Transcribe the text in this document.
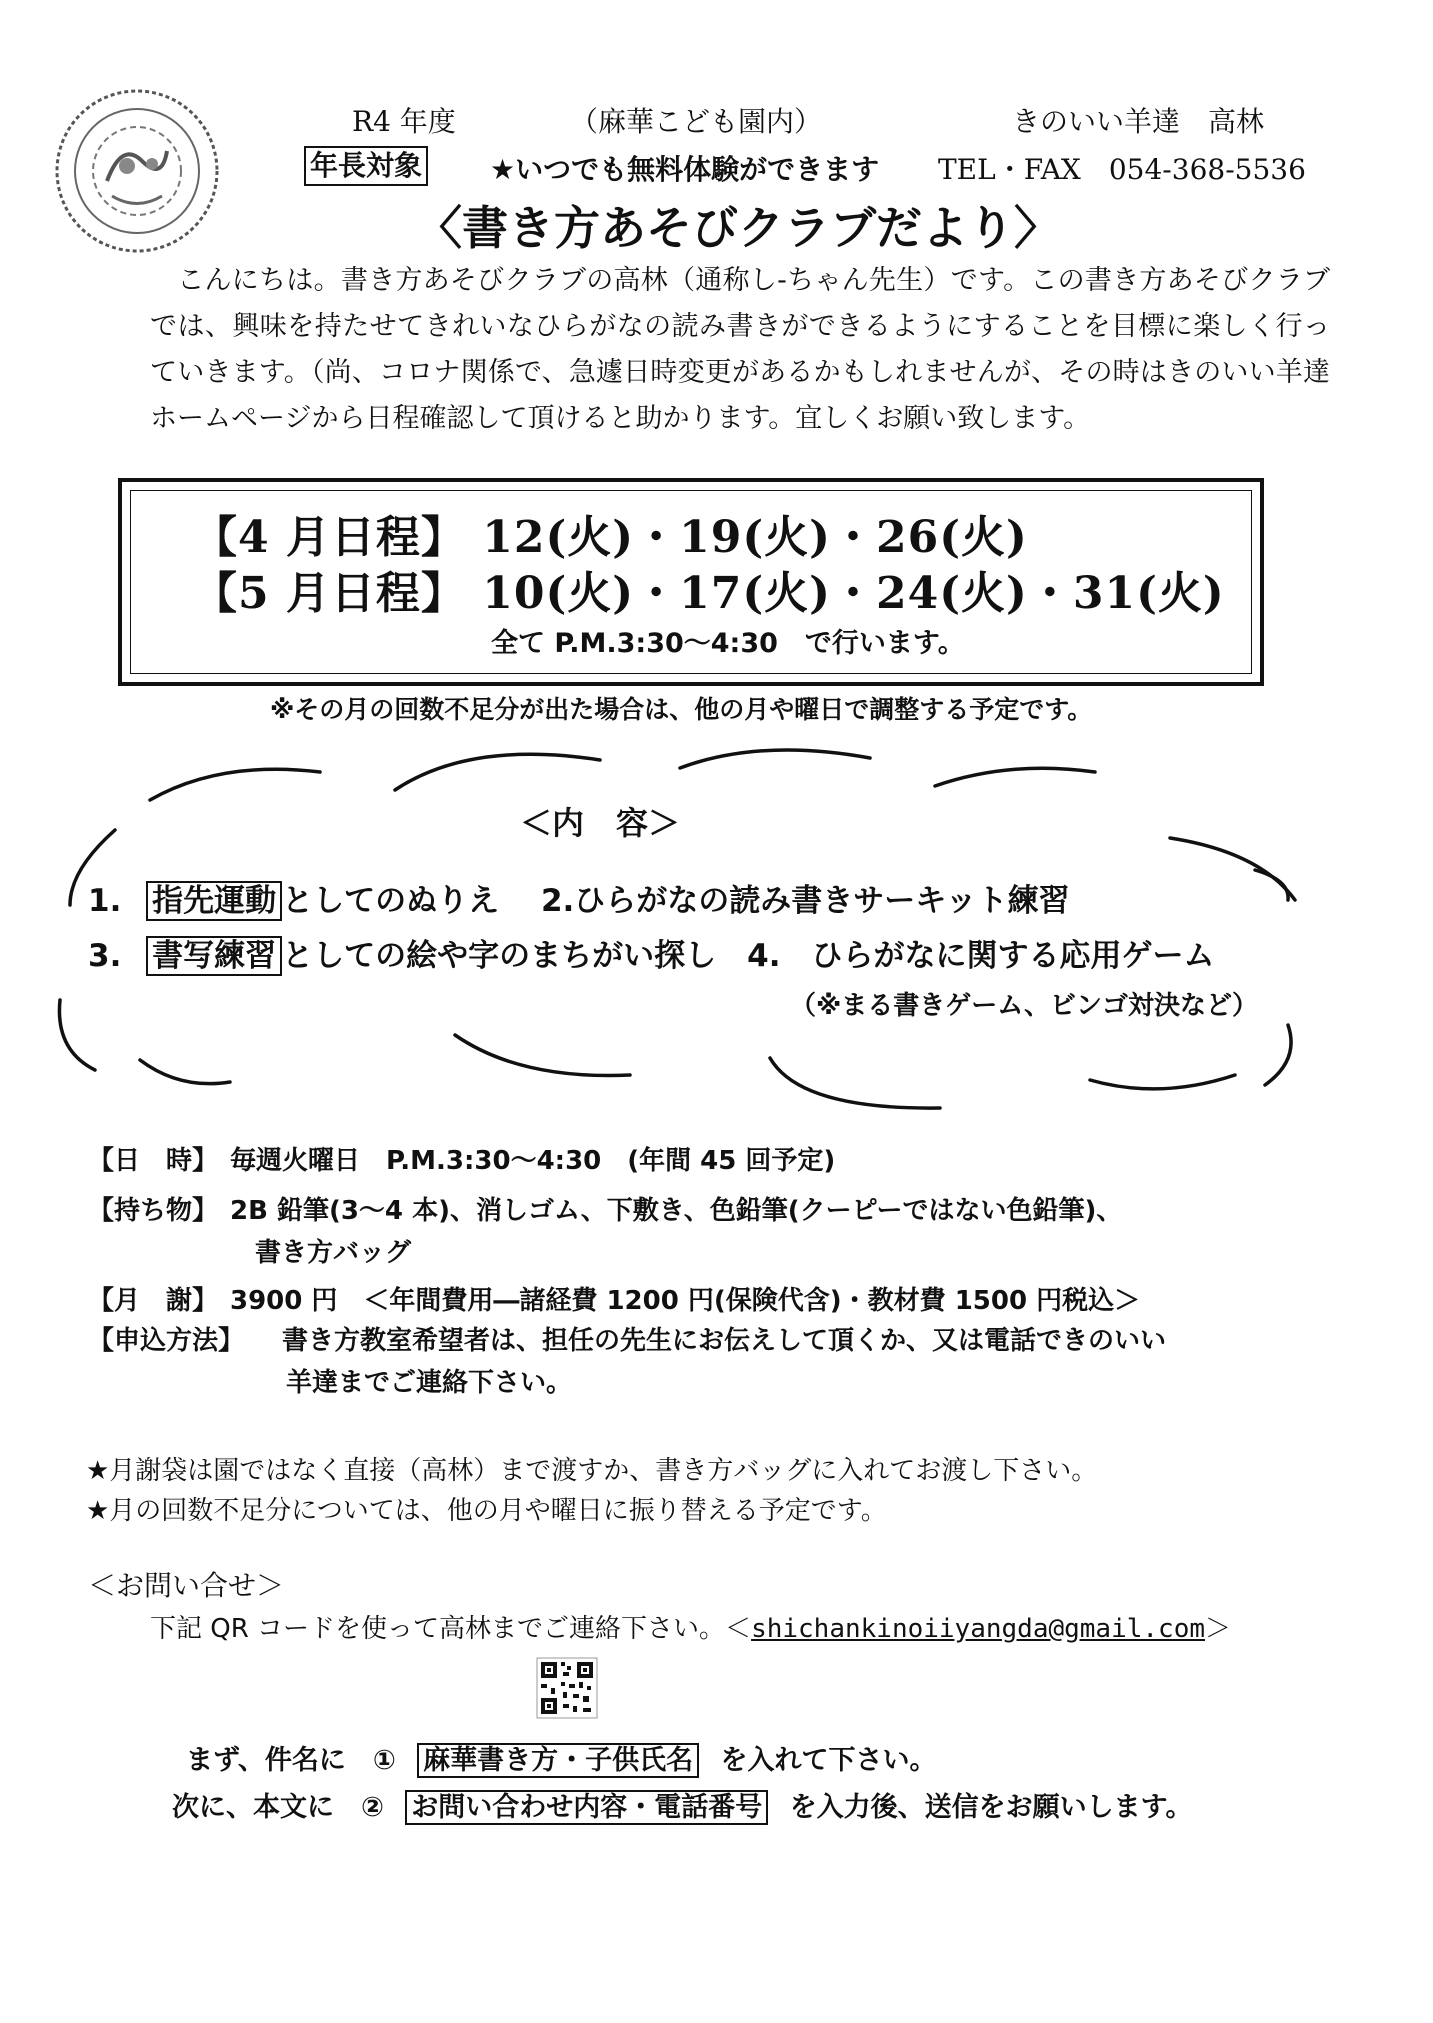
R4 年度	（麻華こども園内）	きのいい羊達　高林
年長対象 ★いつでも無料体験ができます TEL・FAX　054-368-5536
〈書き方あそびクラブだより〉
　こんにちは。書き方あそびクラブの高林（通称し-ちゃん先生）です。この書き方あそびクラブでは、興味を持たせてきれいなひらがなの読み書きができるようにすることを目標に楽しく行っていきます。（尚、コロナ関係で、急遽日時変更があるかもしれませんが、その時はきのいい羊達ホームページから日程確認して頂けると助かります。宜しくお願い致します。
【4 月日程】 12(火)・19(火)・26(火)
【5 月日程】 10(火)・17(火)・24(火)・31(火)
全て P.M.3:30～4:30　で行います。
※その月の回数不足分が出た場合は、他の月や曜日で調整する予定です。
＜内　容＞
1. 指先運動 としてのぬりえ　 2.ひらがなの読み書きサーキット練習
3. 書写練習 としての絵や字のまちがい探し　4.　ひらがなに関する応用ゲーム
（※まる書きゲーム、ビンゴ対決など）
【日　時】 毎週火曜日　P.M.3:30～4:30　(年間 45 回予定)
【持ち物】 2B 鉛筆(3～4 本)、消しゴム、下敷き、色鉛筆(クーピーではない色鉛筆)、
書き方バッグ
【月　謝】 3900 円　＜年間費用―諸経費 1200 円(保険代含)・教材費 1500 円税込＞
【申込方法】 書き方教室希望者は、担任の先生にお伝えして頂くか、又は電話できのいい
羊達までご連絡下さい。
★月謝袋は園ではなく直接（高林）まで渡すか、書き方バッグに入れてお渡し下さい。
★月の回数不足分については、他の月や曜日に振り替える予定です。
＜お問い合せ＞
下記 QR コードを使って高林までご連絡下さい。＜shichankinoiiyangda@gmail.com＞
まず、件名に　① 麻華書き方・子供氏名 を入れて下さい。
次に、本文に　② お問い合わせ内容・電話番号 を入力後、送信をお願いします。
